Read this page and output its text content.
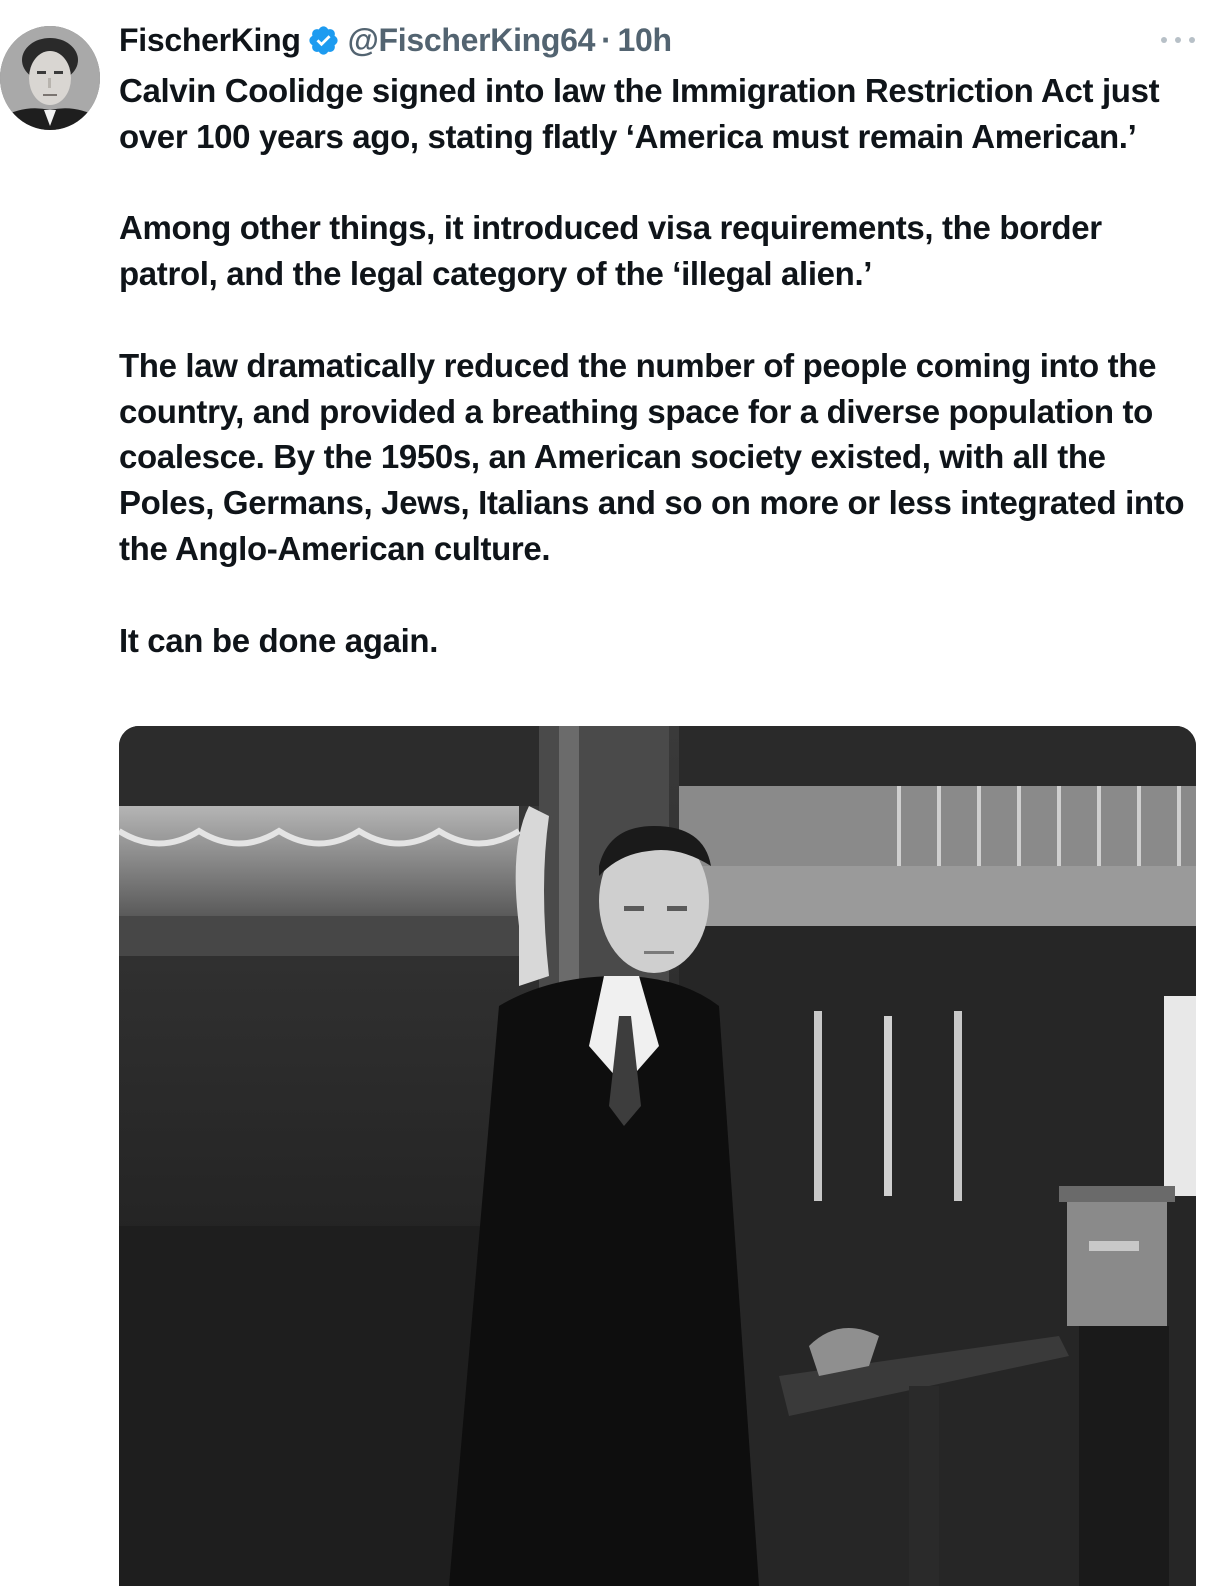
FischerKing @FischerKing64 · 10h

Calvin Coolidge signed into law the Immigration Restriction Act just over 100 years ago, stating flatly ‘America must remain American.’

Among other things, it introduced visa requirements, the border patrol, and the legal category of the ‘illegal alien.’

The law dramatically reduced the number of people coming into the country, and provided a breathing space for a diverse population to coalesce. By the 1950s, an American society existed, with all the Poles, Germans, Jews, Italians and so on more or less integrated into the Anglo-American culture.

It can be done again.
